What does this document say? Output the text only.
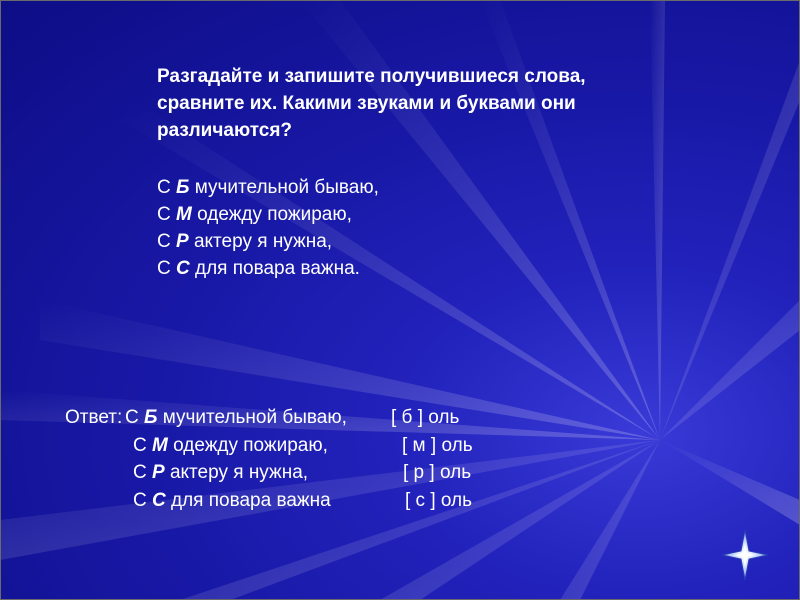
Разгадайте и запишите получившиеся слова,
сравните их. Какими звуками и буквами они
различаются?
С Б мучительной бываю,
С М одежду пожираю,
С Р актеру я нужна,
С С для повара важна.
Ответ: С Б мучительной бываю, [ б ] оль
С М одежду пожираю,	[ м ] оль
С Р актеру я нужна,	[ р ] оль
С С для повара важна	[ с ] оль
